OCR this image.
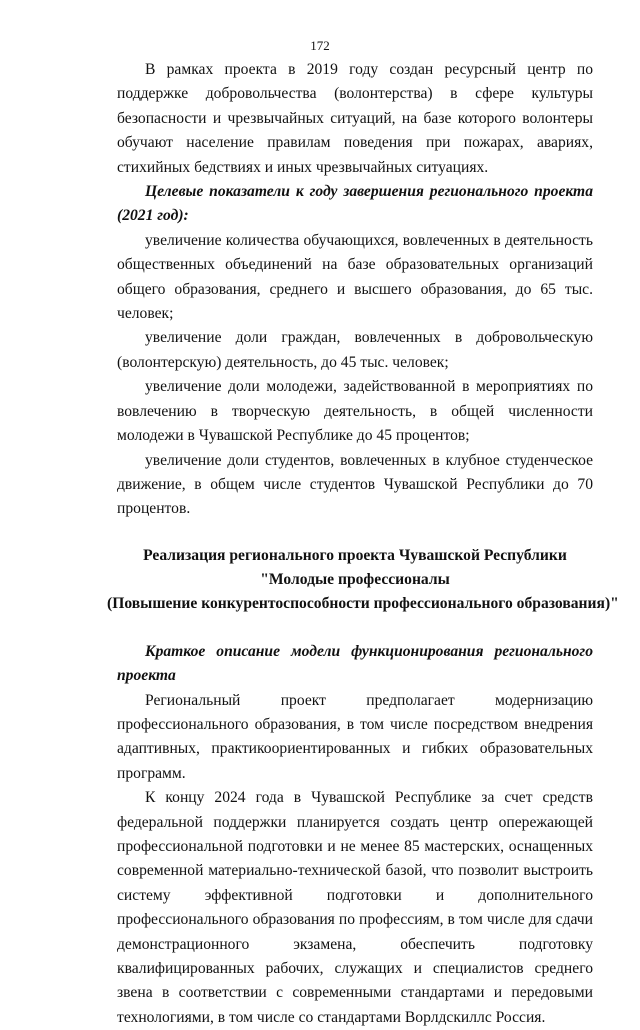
172

В рамках проекта в 2019 году создан ресурсный центр по поддержке добровольчества (волонтерства) в сфере культуры безопасности и чрезвычайных ситуаций, на базе которого волонтеры обучают население правилам поведения при пожарах, авариях, стихийных бедствиях и иных чрезвычайных ситуациях.

Целевые показатели к году завершения регионального проекта (2021 год):

увеличение количества обучающихся, вовлеченных в деятельность общественных объединений на базе образовательных организаций общего образования, среднего и высшего образования, до 65 тыс. человек;

увеличение доли граждан, вовлеченных в добровольческую (волонтерскую) деятельность, до 45 тыс. человек;

увеличение доли молодежи, задействованной в мероприятиях по вовлечению в творческую деятельность, в общей численности молодежи в Чувашской Республике до 45 процентов;

увеличение доли студентов, вовлеченных в клубное студенческое движение, в общем числе студентов Чувашской Республики до 70 процентов.

Реализация регионального проекта Чувашской Республики
"Молодые профессионалы
(Повышение конкурентоспособности профессионального образования)"

Краткое описание модели функционирования регионального проекта

Региональный проект предполагает модернизацию профессионального образования, в том числе посредством внедрения адаптивных, практикоориентированных и гибких образовательных программ.

К концу 2024 года в Чувашской Республике за счет средств федеральной поддержки планируется создать центр опережающей профессиональной подготовки и не менее 85 мастерских, оснащенных современной материально-технической базой, что позволит выстроить систему эффективной подготовки и дополнительного профессионального образования по профессиям, в том числе для сдачи демонстрационного экзамена, обеспечить подготовку квалифицированных рабочих, служащих и специалистов среднего звена в соответствии с современными стандартами и передовыми технологиями, в том числе со стандартами Ворлдскиллс Россия.
